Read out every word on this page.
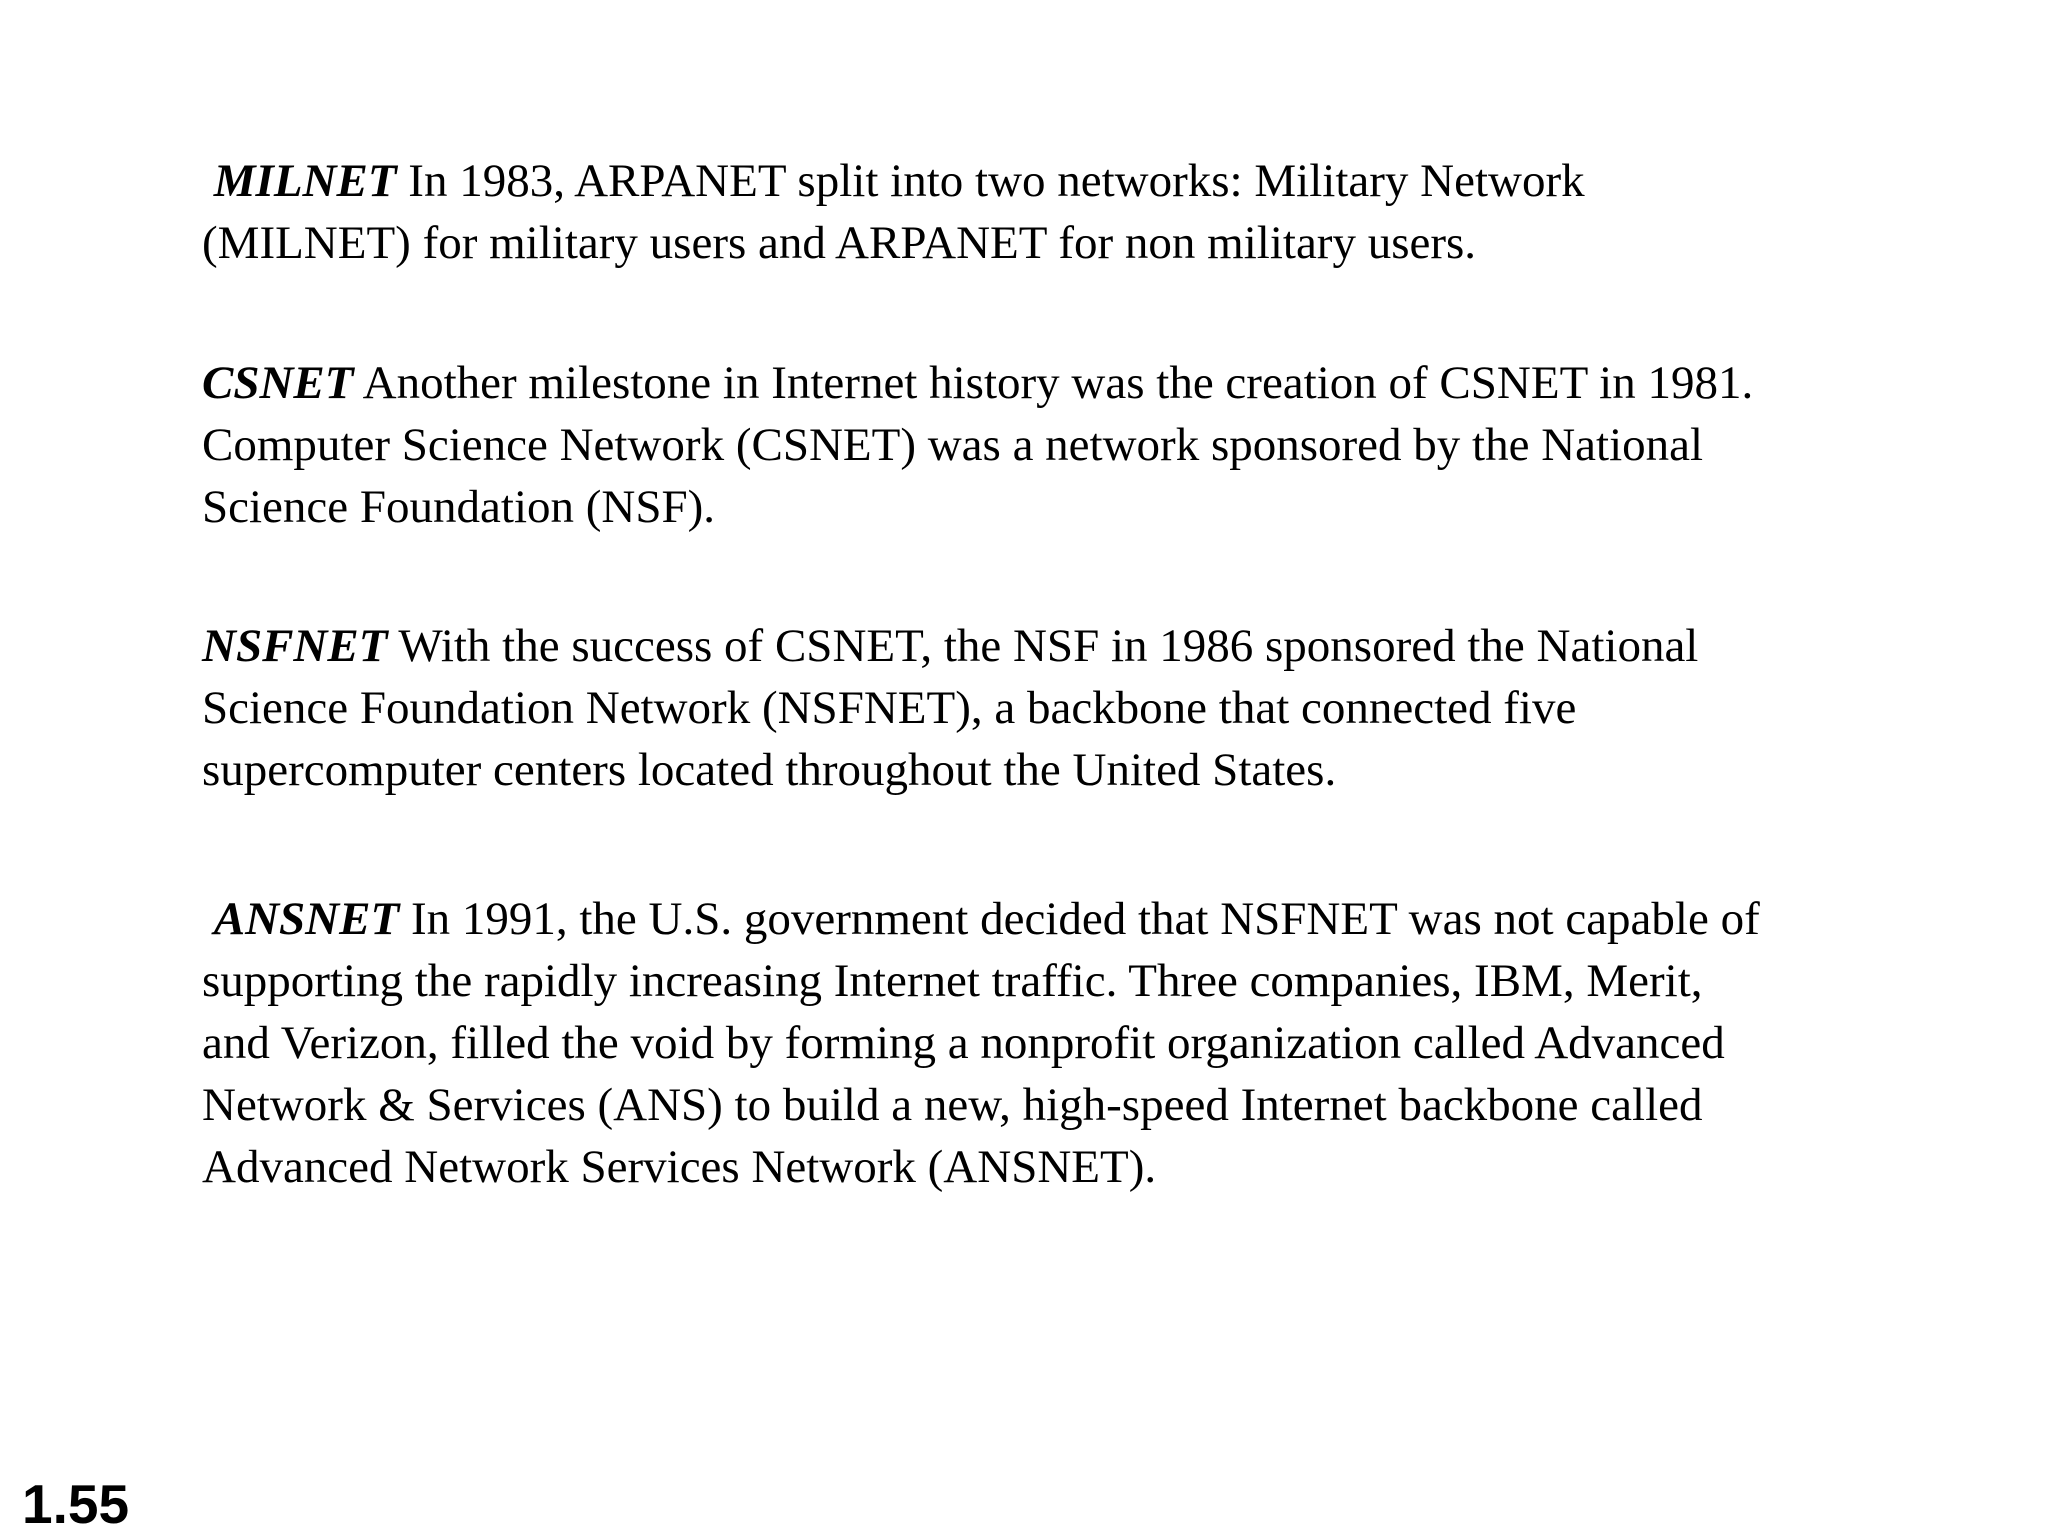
MILNET In 1983, ARPANET split into two networks: Military Network
(MILNET) for military users and ARPANET for non military users.

CSNET Another milestone in Internet history was the creation of CSNET in 1981.
Computer Science Network (CSNET) was a network sponsored by the National
Science Foundation (NSF).

NSFNET With the success of CSNET, the NSF in 1986 sponsored the National
Science Foundation Network (NSFNET), a backbone that connected five
supercomputer centers located throughout the United States.

ANSNET In 1991, the U.S. government decided that NSFNET was not capable of
supporting the rapidly increasing Internet traffic. Three companies, IBM, Merit,
and Verizon, filled the void by forming a nonprofit organization called Advanced
Network & Services (ANS) to build a new, high-speed Internet backbone called
Advanced Network Services Network (ANSNET).

1.55
